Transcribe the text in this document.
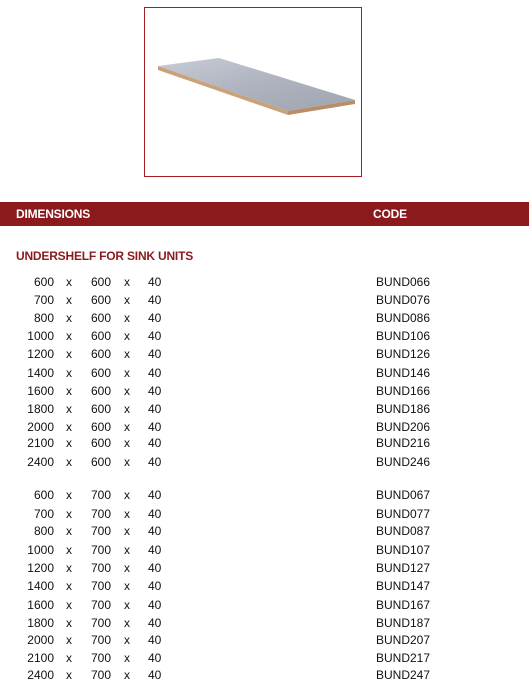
DIMENSIONS	CODE
UNDERSHELF FOR SINK UNITS
600 x 600 x 40	BUND066
700 x 600 x 40	BUND076
800 x 600 x 40	BUND086
1000 x 600 x 40	BUND106
1200 x 600 x 40	BUND126
1400 x 600 x 40	BUND146
1600 x 600 x 40	BUND166
1800 x 600 x 40	BUND186
2000 x 600 x 40	BUND206
2100 x 600 x 40	BUND216
2400 x 600 x 40	BUND246
600 x 700 x 40	BUND067
700 x 700 x 40	BUND077
800 x 700 x 40	BUND087
1000 x 700 x 40	BUND107
1200 x 700 x 40	BUND127
1400 x 700 x 40	BUND147
1600 x 700 x 40	BUND167
1800 x 700 x 40	BUND187
2000 x 700 x 40	BUND207
2100 x 700 x 40	BUND217
2400 x 700 x 40	BUND247
